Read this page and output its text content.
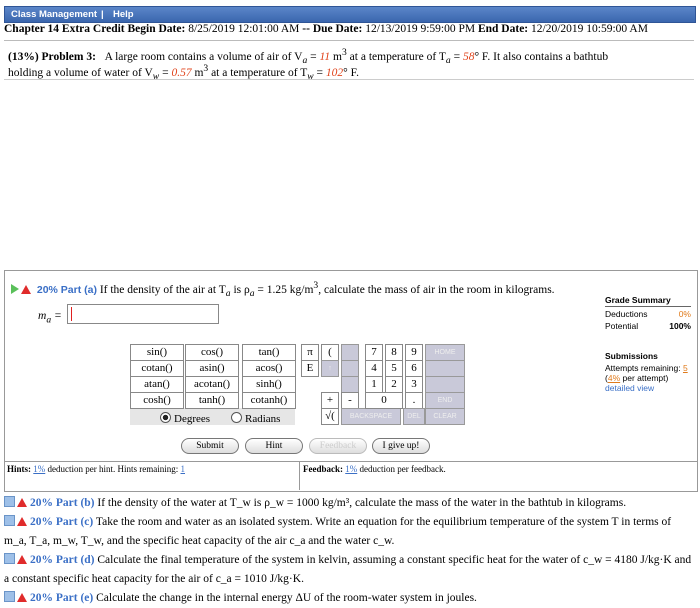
Class Management | Help
Chapter 14 Extra Credit Begin Date: 8/25/2019 12:01:00 AM -- Due Date: 12/13/2019 9:59:00 PM End Date: 12/20/2019 10:59:00 AM
(13%) Problem 3: A large room contains a volume of air of $V_a = 11$ $m^3$ at a temperature of $T_a = 58^\circ$ F. It also contains a bathtub
holding a volume of water of $V_w = 0.57$ $m^3$ at a temperature of $T_w = 102^\circ$ F.
20% Part (a) If the density of the air at $T_a$ is $\rho_a = 1.25$ $kg/m^3$, calculate the mass of air in the room in kilograms.
$m_a$ =
Grade Summary
Deductions	0%
Potential	100%
Submissions
Attempts remaining: 5
(4% per attempt)
detailed view
sin()	cos()	tan()
cotan()	asin()	acos()
atan()	acotan()	sinh()
cosh()	tanh()	cotanh()
π	(
E	↑
+	-
√(	BACKSPACE
7	8	9
4	5	6
1	2	3
0	.
HOME
END
DEL	CLEAR
Degrees	Radians
Submit	Hint	Feedback	I give up!
Hints: 1% deduction per hint. Hints remaining: 1	Feedback: 1% deduction per feedback.
20% Part (b) If the density of the water at T_w is ρ_w = 1000 kg/m³, calculate the mass of the water in the bathtub in kilograms.
20% Part (c) Take the room and water as an isolated system. Write an equation for the equilibrium temperature of the system T in terms of m_a, T_a, m_w, T_w, and the specific heat capacity of the air c_a and the water c_w.
20% Part (d) Calculate the final temperature of the system in kelvin, assuming a constant specific heat for the water of c_w = 4180 J/kg·K and a constant specific heat capacity for the air of c_a = 1010 J/kg·K.
20% Part (e) Calculate the change in the internal energy ΔU of the room-water system in joules.
